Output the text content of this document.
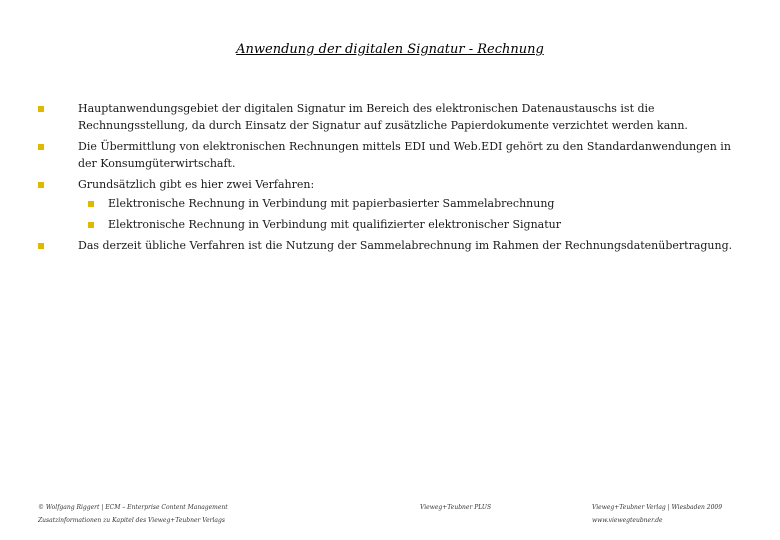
Anwendung der digitalen Signatur - Rechnung
Hauptanwendungsgebiet der digitalen Signatur im Bereich des elektronischen Datenaustauschs ist die Rechnungsstellung, da durch Einsatz der Signatur auf zusätzliche Papierdokumente verzichtet werden kann.
Die Übermittlung von elektronischen Rechnungen mittels EDI und Web.EDI gehört zu den Standardanwendungen in der Konsumgüterwirtschaft.
Grundsätzlich gibt es hier zwei Verfahren:
Elektronische Rechnung in Verbindung mit papierbasierter Sammelabrechnung
Elektronische Rechnung in Verbindung mit qualifizierter elektronischer Signatur
Das derzeit übliche Verfahren ist die Nutzung der Sammelabrechnung im Rahmen der Rechnungsdatenübertragung.
© Wolfgang Riggert | ECM – Enterprise Content Management
Zusatzinformationen zu Kapitel des Vieweg+Teubner Verlags
Vieweg+Teubner PLUS	Vieweg+Teubner Verlag | Wiesbaden 2009
www.viewegteubner.de
